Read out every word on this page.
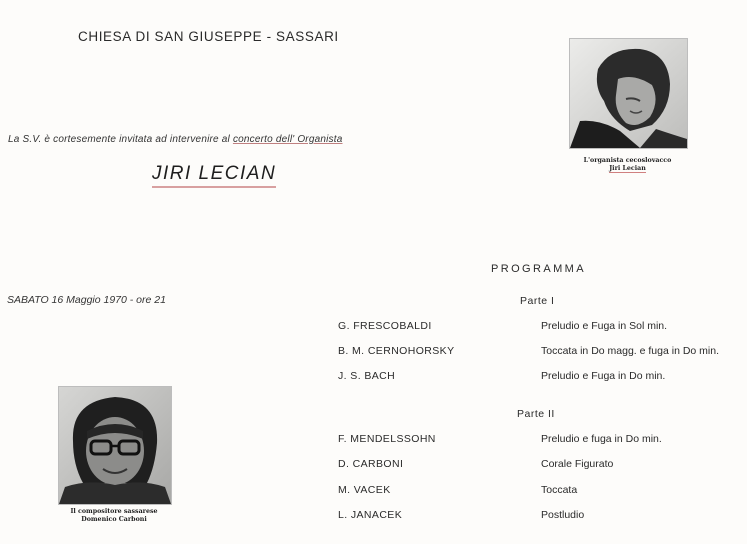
CHIESA DI SAN GIUSEPPE - SASSARI
La S.V. è cortesemente invitata ad intervenire al concerto dell' Organista
JIRI LECIAN
L'organista cecoslovacco
Jiri Lecian
SABATO 16 Maggio 1970 - ore 21
PROGRAMMA
Parte I
G. FRESCOBALDI	Preludio e Fuga in Sol min.
B. M. CERNOHORSKY	Toccata in Do magg. e fuga in Do min.
J. S. BACH	Preludio e Fuga in Do min.
Parte II
F. MENDELSSOHN	Preludio e fuga in Do min.
D. CARBONI	Corale Figurato
M. VACEK	Toccata
L. JANACEK	Postludio
Il compositore sassarese
Domenico Carboni
